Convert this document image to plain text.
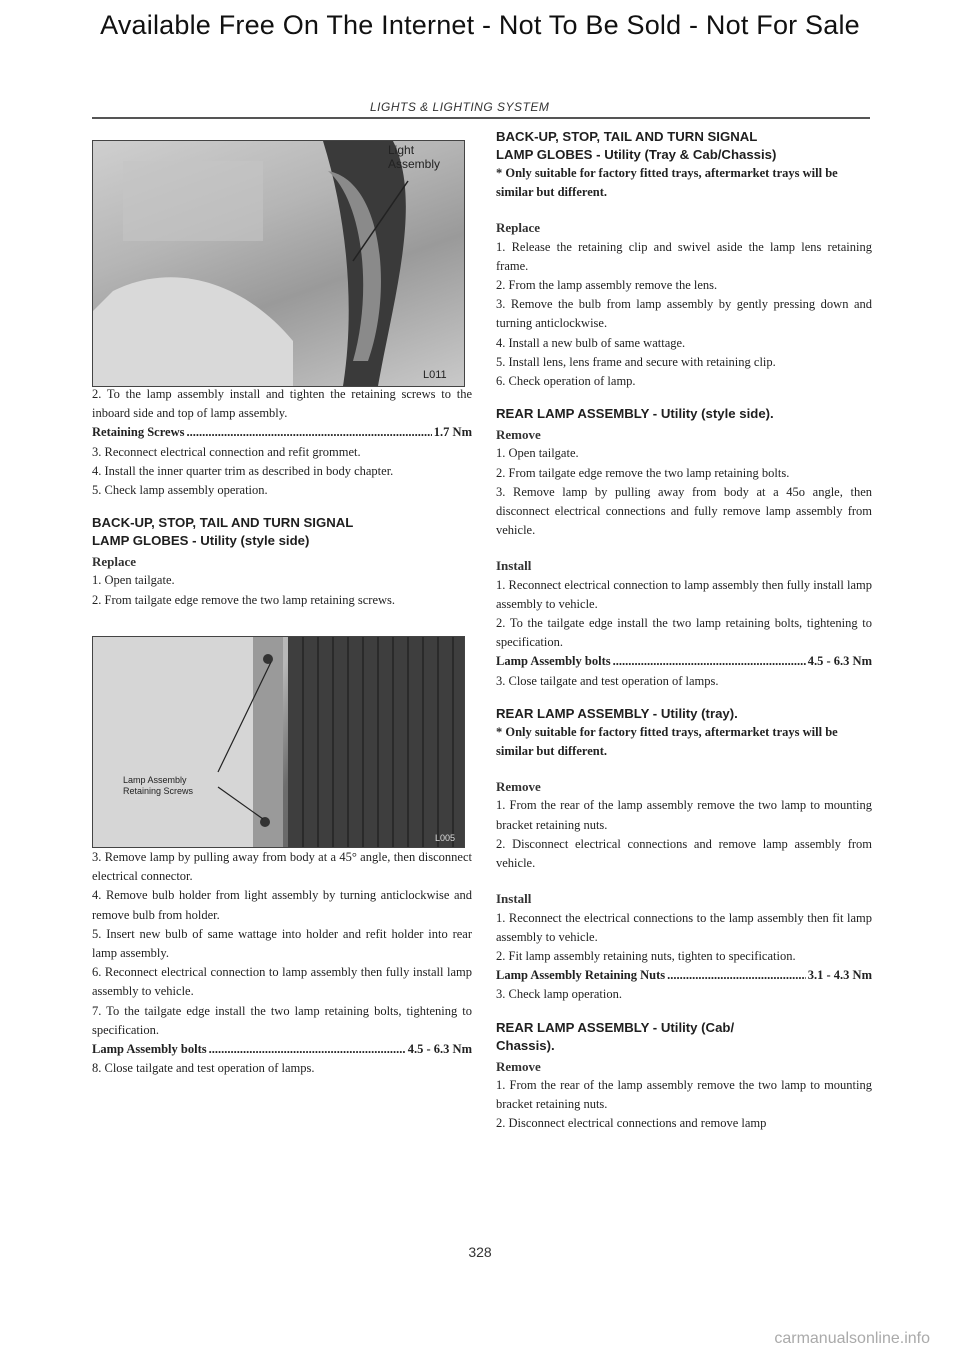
Available Free On The Internet - Not To Be Sold - Not For Sale
LIGHTS & LIGHTING SYSTEM
Light
Assembly
L011

2. To the lamp assembly install and tighten the retaining screws to the inboard side and top of lamp assembly.

Retaining Screws .....	1.7 Nm

3. Reconnect electrical connection and refit grommet.

4. Install the inner quarter trim as described in body chapter.

5. Check lamp assembly operation.

BACK-UP, STOP, TAIL AND TURN SIGNAL

LAMP GLOBES - Utility (style side)

Replace

1. Open tailgate.

2. From tailgate edge remove the two lamp retaining screws.

Lamp Assembly
Retaining Screws
L005

3. Remove lamp by pulling away from body at a 45° angle, then disconnect electrical connector.

4. Remove bulb holder from light assembly by turning anticlockwise and remove bulb from holder.

5. Insert new bulb of same wattage into holder and refit holder into rear lamp assembly.

6. Reconnect electrical connection to lamp assembly then fully install lamp assembly to vehicle.

7. To the tailgate edge install the two lamp retaining bolts, tightening to specification.

Lamp Assembly bolts .....	4.5 - 6.3 Nm

8. Close tailgate and test operation of lamps.

BACK-UP, STOP, TAIL AND TURN SIGNAL

LAMP GLOBES - Utility (Tray & Cab/Chassis)

* Only suitable for factory fitted trays, aftermarket trays will be similar but different.

Replace

1. Release the retaining clip and swivel aside the lamp lens retaining frame.

2. From the lamp assembly remove the lens.

3. Remove the bulb from lamp assembly by gently pressing down and turning anticlockwise.

4. Install a new bulb of same wattage.

5. Install lens, lens frame and secure with retaining clip.

6. Check operation of lamp.

REAR LAMP ASSEMBLY - Utility (style side).

Remove

1. Open tailgate.

2. From tailgate edge remove the two lamp retaining bolts.

3. Remove lamp by pulling away from body at a 45o angle, then disconnect electrical connections and fully remove lamp assembly from vehicle.

Install

1. Reconnect electrical connection to lamp assembly then fully install lamp assembly to vehicle.

2. To the tailgate edge install the two lamp retaining bolts, tightening to specification.

Lamp Assembly bolts .....	4.5 - 6.3 Nm

3. Close tailgate and test operation of lamps.

REAR LAMP ASSEMBLY - Utility (tray).

* Only suitable for factory fitted trays, aftermarket trays will be similar but different.

Remove

1. From the rear of the lamp assembly remove the two lamp to mounting bracket retaining nuts.

2. Disconnect electrical connections and remove lamp assembly from vehicle.

Install

1. Reconnect the electrical connections to the lamp assembly then fit lamp assembly to vehicle.

2. Fit lamp assembly retaining nuts, tighten to specification.

Lamp Assembly Retaining Nuts .....	3.1 - 4.3 Nm

3. Check lamp operation.

REAR LAMP ASSEMBLY - Utility (Cab/

Chassis).

Remove

1. From the rear of the lamp assembly remove the two lamp to mounting bracket retaining nuts.

2. Disconnect electrical connections and remove lamp

328
carmanualsonline.info
